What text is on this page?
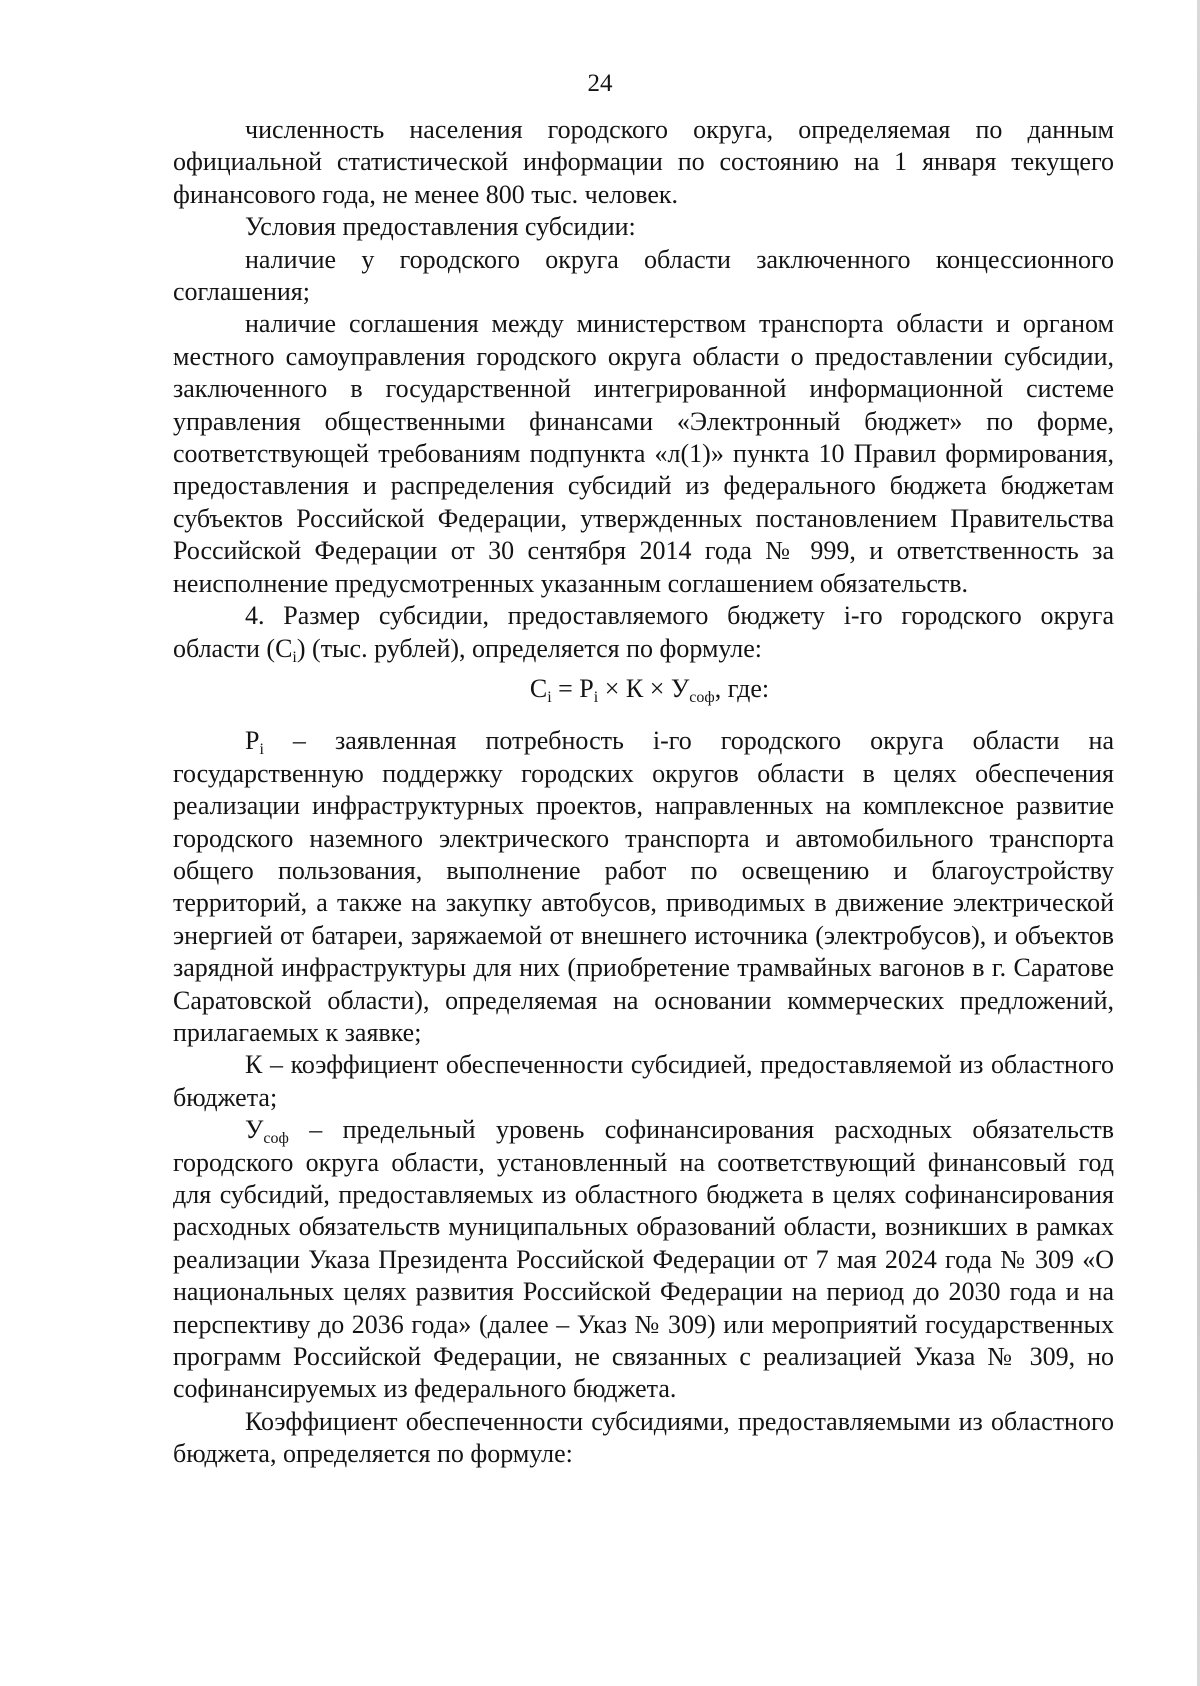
24

численность населения городского округа, определяемая по данным официальной статистической информации по состоянию на 1 января текущего финансового года, не менее 800 тыс. человек.

Условия предоставления субсидии:

наличие у городского округа области заключенного концессионного соглашения;

наличие соглашения между министерством транспорта области и органом местного самоуправления городского округа области о предоставлении субсидии, заключенного в государственной интегрированной информационной системе управления общественными финансами «Электронный бюджет» по форме, соответствующей требованиям подпункта «л(1)» пункта 10 Правил формирования, предоставления и распределения субсидий из федерального бюджета бюджетам субъектов Российской Федерации, утвержденных постановлением Правительства Российской Федерации от 30 сентября 2014 года № 999, и ответственность за неисполнение предусмотренных указанным соглашением обязательств.

4. Размер субсидии, предоставляемого бюджету i-го городского округа области $(С_i)$ (тыс. рублей), определяется по формуле:

$С_i = Р_i \times К \times У_{соф}$, где:

$Р_i$ – заявленная потребность i-го городского округа области на государственную поддержку городских округов области в целях обеспечения реализации инфраструктурных проектов, направленных на комплексное развитие городского наземного электрического транспорта и автомобильного транспорта общего пользования, выполнение работ по освещению и благоустройству территорий, а также на закупку автобусов, приводимых в движение электрической энергией от батареи, заряжаемой от внешнего источника (электробусов), и объектов зарядной инфраструктуры для них (приобретение трамвайных вагонов в г. Саратове Саратовской области), определяемая на основании коммерческих предложений, прилагаемых к заявке;

К – коэффициент обеспеченности субсидией, предоставляемой из областного бюджета;

$У_{соф}$ – предельный уровень софинансирования расходных обязательств городского округа области, установленный на соответствующий финансовый год для субсидий, предоставляемых из областного бюджета в целях софинансирования расходных обязательств муниципальных образований области, возникших в рамках реализации Указа Президента Российской Федерации от 7 мая 2024 года № 309 «О национальных целях развития Российской Федерации на период до 2030 года и на перспективу до 2036 года» (далее – Указ № 309) или мероприятий государственных программ Российской Федерации, не связанных с реализацией Указа № 309, но софинансируемых из федерального бюджета.

Коэффициент обеспеченности субсидиями, предоставляемыми из областного бюджета, определяется по формуле:
